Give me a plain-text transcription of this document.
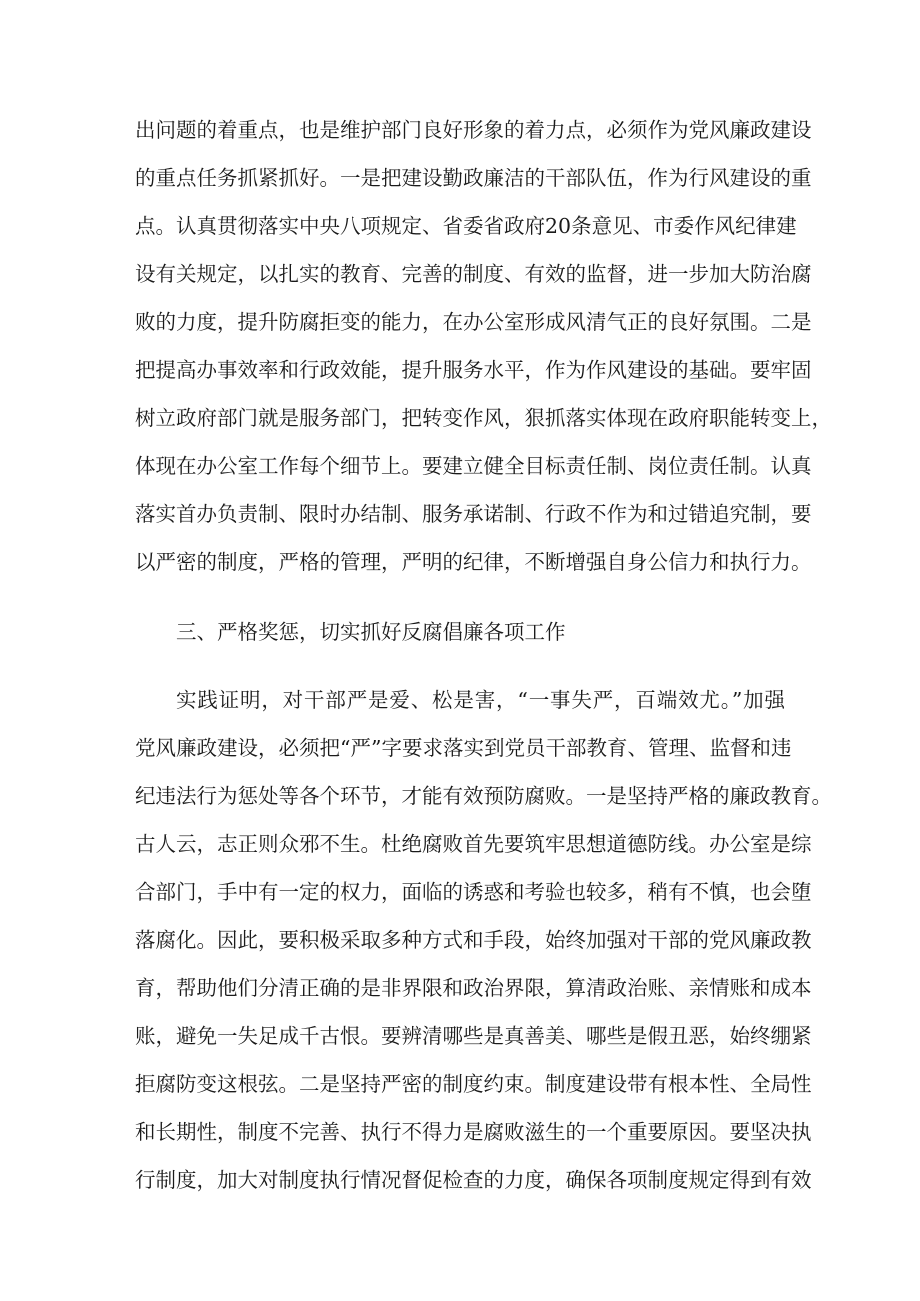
出问题的着重点，也是维护部门良好形象的着力点，必须作为党风廉政建设
的重点任务抓紧抓好。一是把建设勤政廉洁的干部队伍，作为行风建设的重
点。认真贯彻落实中央八项规定、省委省政府20条意见、市委作风纪律建
设有关规定，以扎实的教育、完善的制度、有效的监督，进一步加大防治腐
败的力度，提升防腐拒变的能力，在办公室形成风清气正的良好氛围。二是
把提高办事效率和行政效能，提升服务水平，作为作风建设的基础。要牢固
树立政府部门就是服务部门，把转变作风，狠抓落实体现在政府职能转变上，
体现在办公室工作每个细节上。要建立健全目标责任制、岗位责任制。认真
落实首办负责制、限时办结制、服务承诺制、行政不作为和过错追究制，要
以严密的制度，严格的管理，严明的纪律，不断增强自身公信力和执行力。
三、严格奖惩，切实抓好反腐倡廉各项工作
实践证明，对干部严是爱、松是害，“一事失严，百端效尤。”加强
党风廉政建设，必须把“严”字要求落实到党员干部教育、管理、监督和违
纪违法行为惩处等各个环节，才能有效预防腐败。一是坚持严格的廉政教育。
古人云，志正则众邪不生。杜绝腐败首先要筑牢思想道德防线。办公室是综
合部门，手中有一定的权力，面临的诱惑和考验也较多，稍有不慎，也会堕
落腐化。因此，要积极采取多种方式和手段，始终加强对干部的党风廉政教
育，帮助他们分清正确的是非界限和政治界限，算清政治账、亲情账和成本
账，避免一失足成千古恨。要辨清哪些是真善美、哪些是假丑恶，始终绷紧
拒腐防变这根弦。二是坚持严密的制度约束。制度建设带有根本性、全局性
和长期性，制度不完善、执行不得力是腐败滋生的一个重要原因。要坚决执
行制度，加大对制度执行情况督促检查的力度，确保各项制度规定得到有效
